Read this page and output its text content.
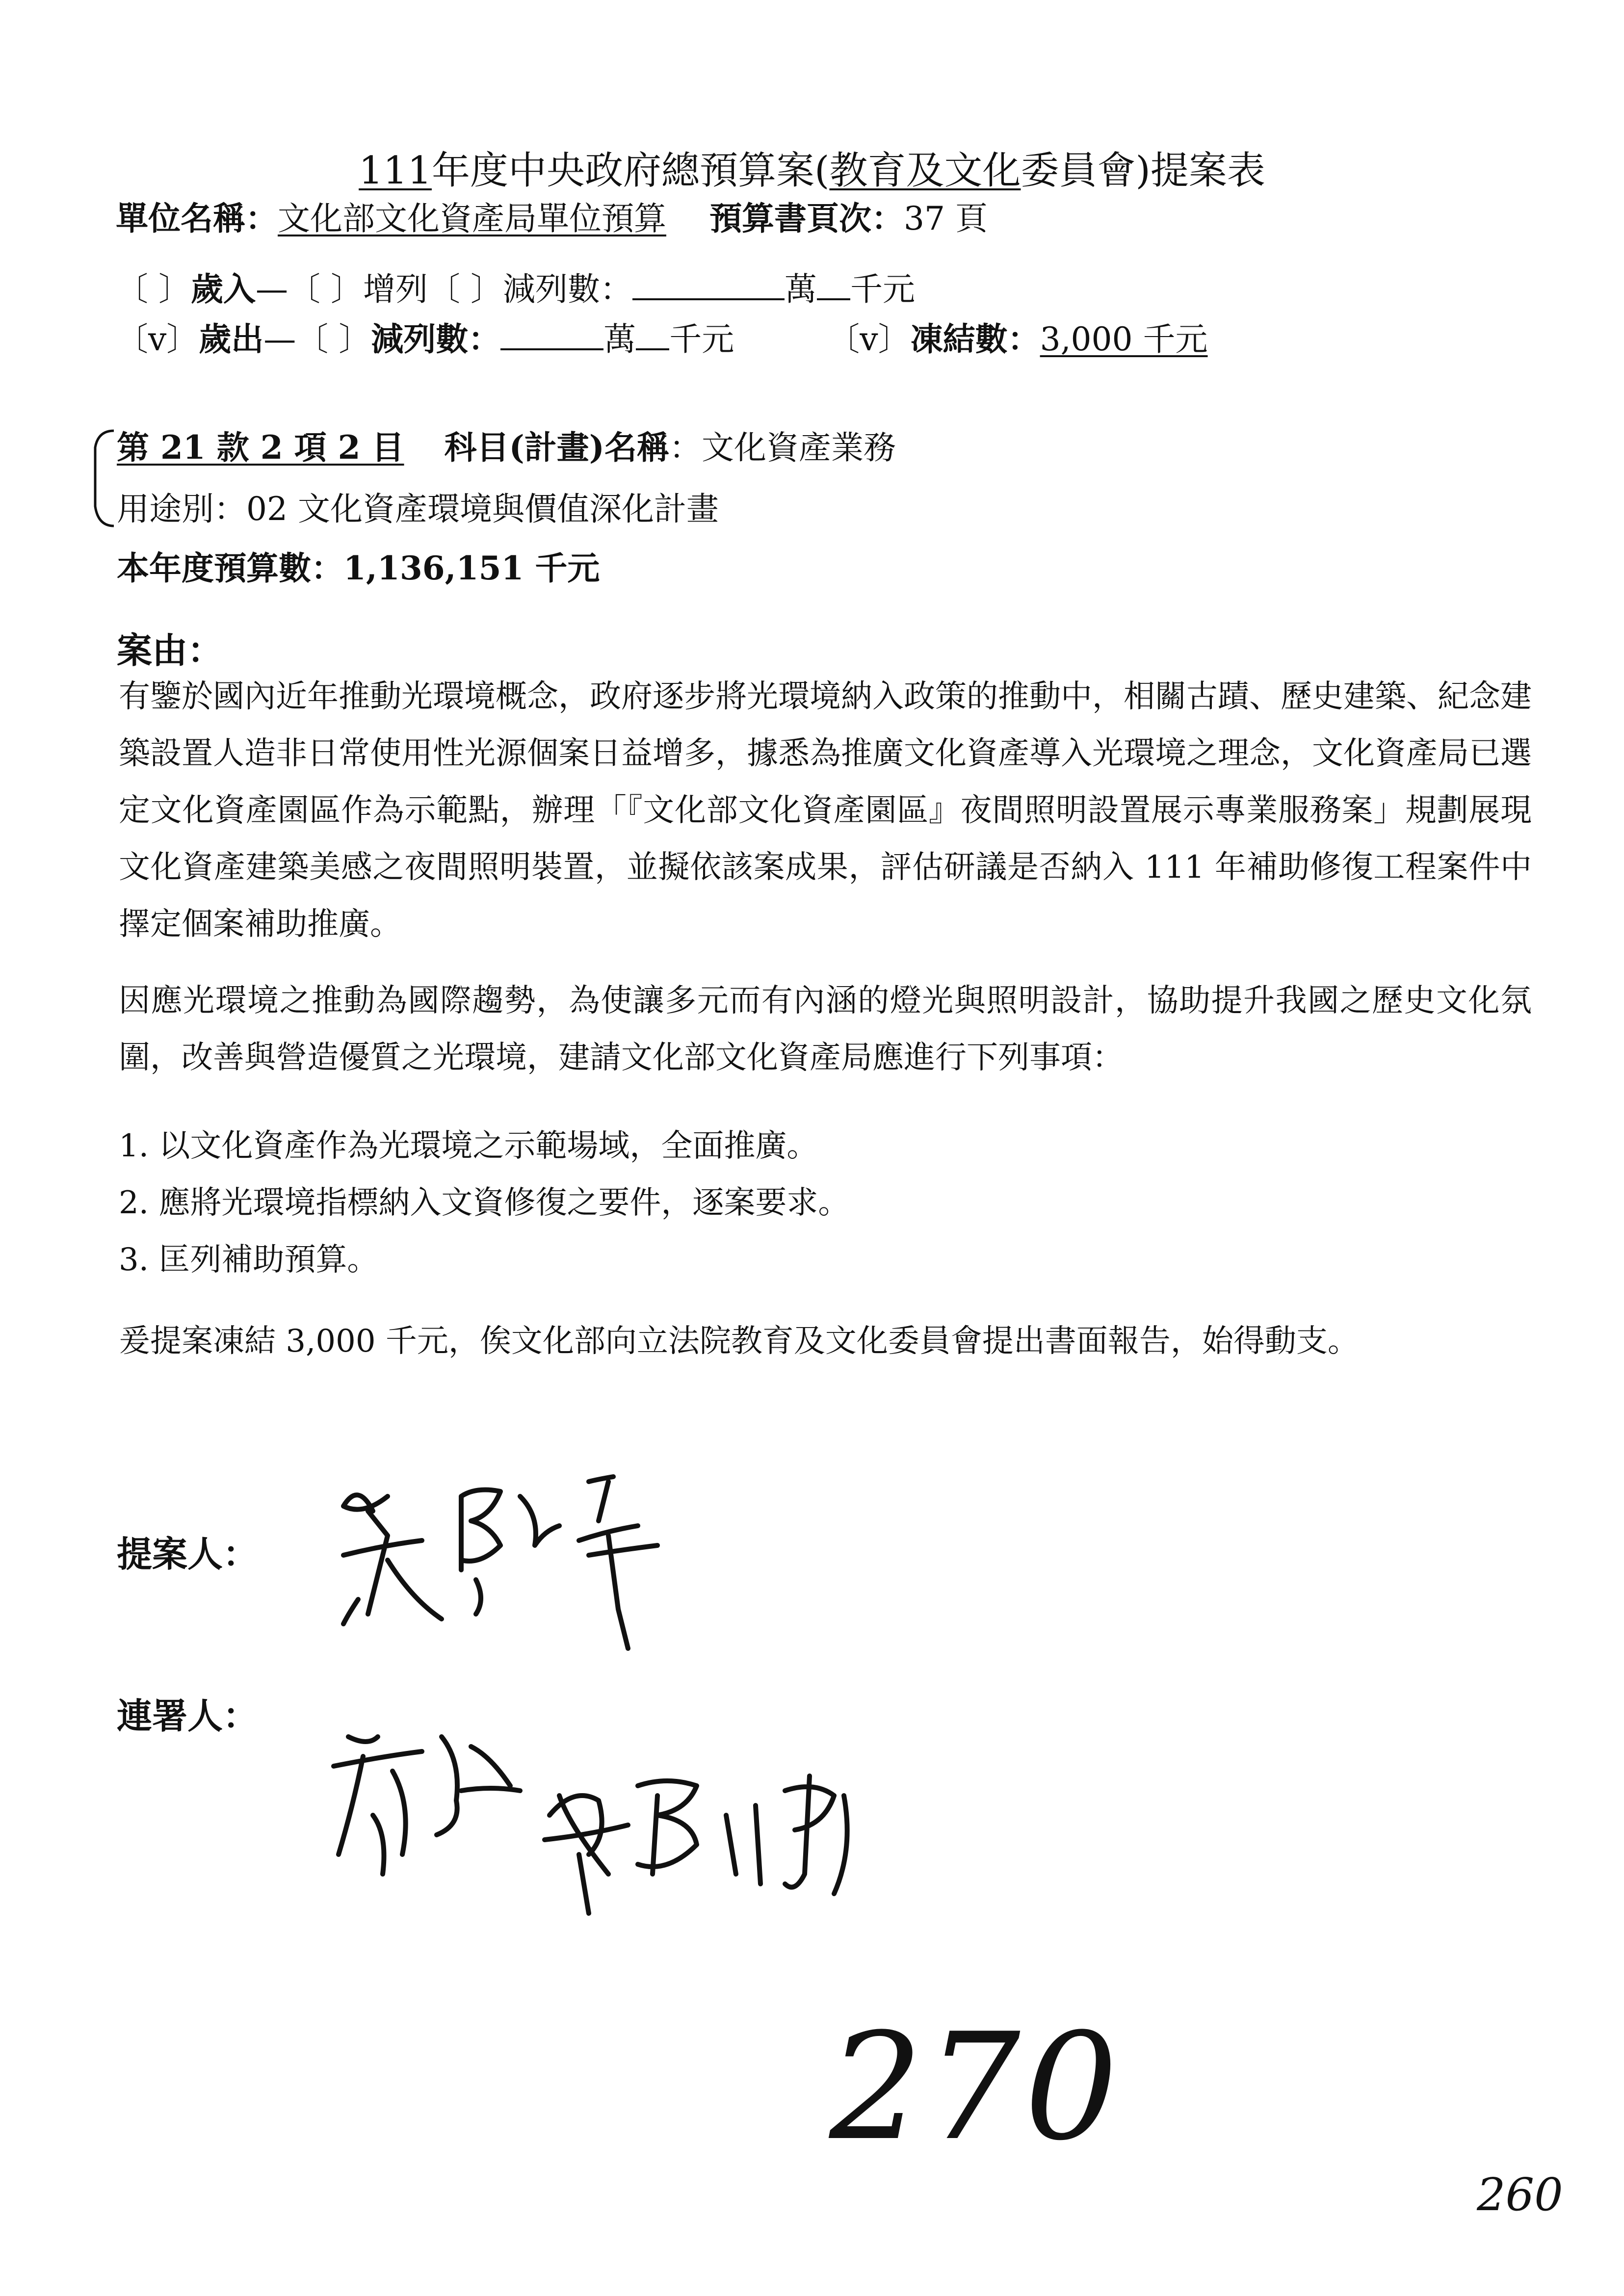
111年度中央政府總預算案(教育及文化委員會)提案表
單位名稱：文化部文化資產局單位預算 預算書頁次：37 頁
〔 〕歲入—〔 〕增列〔 〕減列數：	萬 千元
〔v〕歲出—〔 〕減列數：	萬 千元	〔v〕凍結數：3,000 千元
第 21 款 2 項 2 目 科目(計畫)名稱：文化資產業務
用途別：02 文化資產環境與價值深化計畫
本年度預算數：1,136,151 千元
案由：
有鑒於國內近年推動光環境概念，政府逐步將光環境納入政策的推動中，相關古蹟、歷史建築、紀念建築設置人造非日常使用性光源個案日益增多，據悉為推廣文化資產導入光環境之理念，文化資產局已選定文化資產園區作為示範點，辦理「『文化部文化資產園區』夜間照明設置展示專業服務案」規劃展現文化資產建築美感之夜間照明裝置，並擬依該案成果，評估研議是否納入 111 年補助修復工程案件中擇定個案補助推廣。
因應光環境之推動為國際趨勢，為使讓多元而有內涵的燈光與照明設計，協助提升我國之歷史文化氛圍，改善與營造優質之光環境，建請文化部文化資產局應進行下列事項：
1. 以文化資產作為光環境之示範場域，全面推廣。
2. 應將光環境指標納入文資修復之要件，逐案要求。
3. 匡列補助預算。
爰提案凍結 3,000 千元，俟文化部向立法院教育及文化委員會提出書面報告，始得動支。
提案人：
連署人：
270
260
